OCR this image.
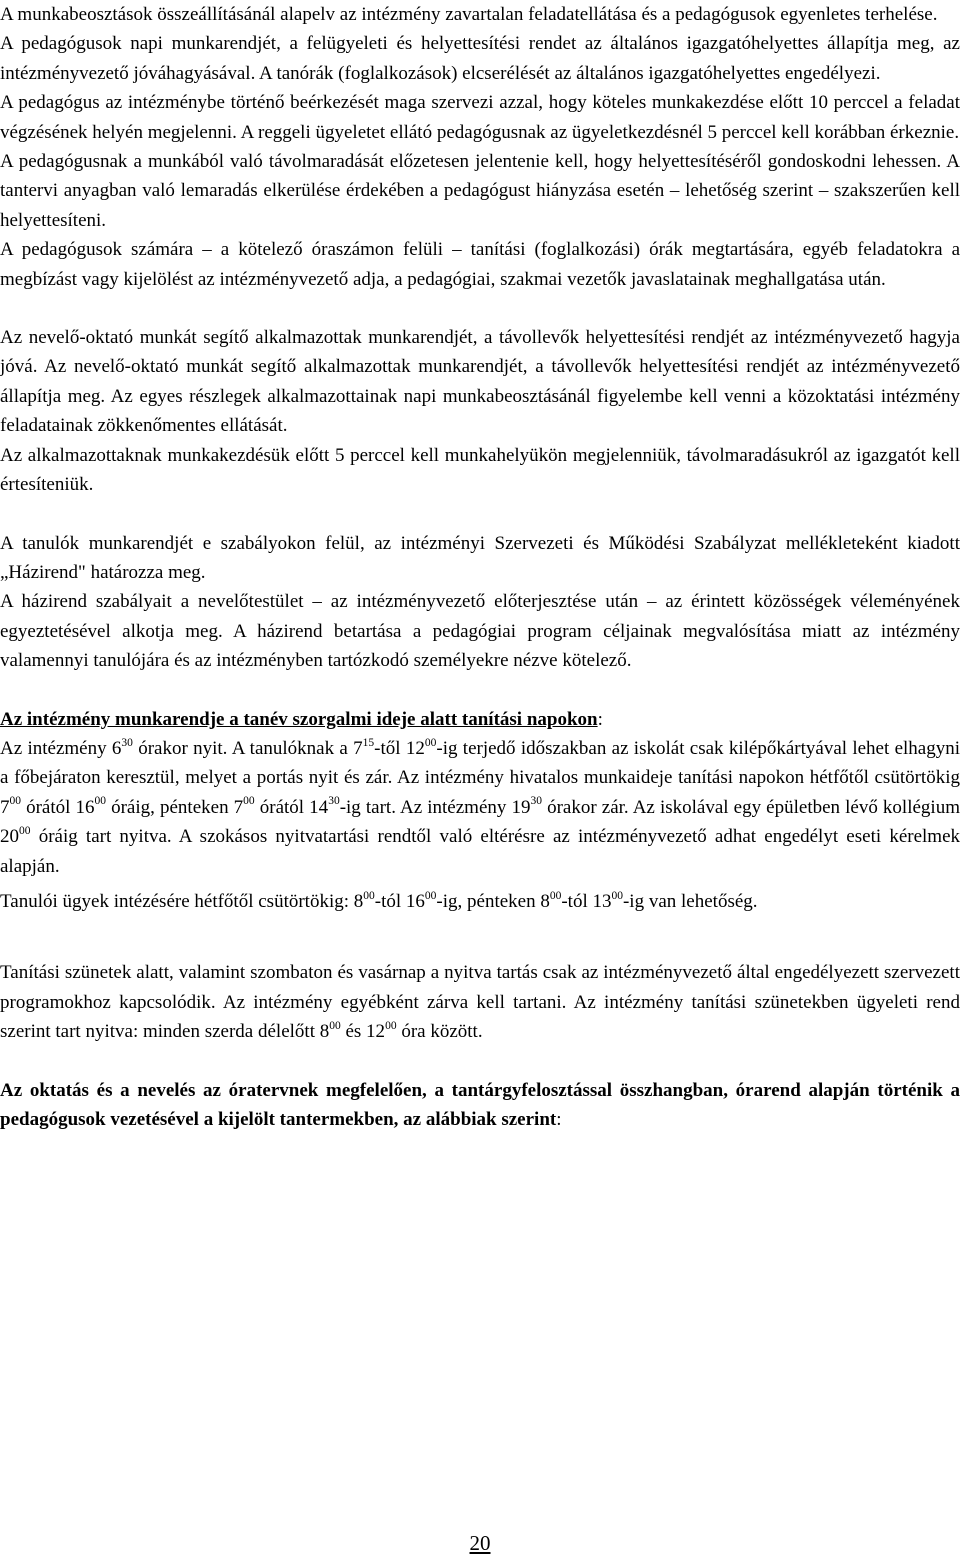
A munkabeosztások összeállításánál alapelv az intézmény zavartalan feladatellátása és a pedagógusok egyenletes terhelése.

A pedagógusok napi munkarendjét, a felügyeleti és helyettesítési rendet az általános igazgatóhelyettes állapítja meg, az intézményvezető jóváhagyásával. A tanórák (foglalkozások) elcserélését az általános igazgatóhelyettes engedélyezi.

A pedagógus az intézménybe történő beérkezését maga szervezi azzal, hogy köteles munkakezdése előtt 10 perccel a feladat végzésének helyén megjelenni. A reggeli ügyeletet ellátó pedagógusnak az ügyeletkezdésnél 5 perccel kell korábban érkeznie.

A pedagógusnak a munkából való távolmaradását előzetesen jelentenie kell, hogy helyettesítéséről gondoskodni lehessen. A tantervi anyagban való lemaradás elkerülése érdekében a pedagógust hiányzása esetén – lehetőség szerint – szakszerűen kell helyettesíteni.

A pedagógusok számára – a kötelező óraszámon felüli – tanítási (foglalkozási) órák megtartására, egyéb feladatokra a megbízást vagy kijelölést az intézményvezető adja, a pedagógiai, szakmai vezetők javaslatainak meghallgatása után.

Az nevelő-oktató munkát segítő alkalmazottak munkarendjét, a távollevők helyettesítési rendjét az intézményvezető hagyja jóvá. Az nevelő-oktató munkát segítő alkalmazottak munkarendjét, a távollevők helyettesítési rendjét az intézményvezető állapítja meg. Az egyes részlegek alkalmazottainak napi munkabeosztásánál figyelembe kell venni a közoktatási intézmény feladatainak zökkenőmentes ellátását.

Az alkalmazottaknak munkakezdésük előtt 5 perccel kell munkahelyükön megjelenniük, távolmaradásukról az igazgatót kell értesíteniük.

A tanulók munkarendjét e szabályokon felül, az intézményi Szervezeti és Működési Szabályzat mellékleteként kiadott „Házirend" határozza meg.

A házirend szabályait a nevelőtestület – az intézményvezető előterjesztése után – az érintett közösségek véleményének egyeztetésével alkotja meg. A házirend betartása a pedagógiai program céljainak megvalósítása miatt az intézmény valamennyi tanulójára és az intézményben tartózkodó személyekre nézve kötelező.

Az intézmény munkarendje a tanév szorgalmi ideje alatt tanítási napokon:

Az intézmény $6^{30}$ órakor nyit. A tanulóknak a $7^{15}$-től $12^{00}-ig$ terjedő időszakban az iskolát csak kilépőkártyával lehet elhagyni a főbejáraton keresztül, melyet a portás nyit és zár. Az intézmény hivatalos munkaideje tanítási napokon hétfőtől csütörtökig $7^{00}$ órától $16^{00}$ óráig, pénteken $7^{00}$ órától $14^{30}-ig$ tart. Az intézmény $19^{30}$ órakor zár. Az iskolával egy épületben lévő kollégium $20^{00}$ óráig tart nyitva. A szokásos nyitvatartási rendtől való eltérésre az intézményvezető adhat engedélyt eseti kérelmek alapján.

Tanulói ügyek intézésére hétfőtől csütörtökig: $8^{00}$-tól $16^{00}-ig$, pénteken $8^{00}$-tól $13^{00}-ig$ van lehetőség.

Tanítási szünetek alatt, valamint szombaton és vasárnap a nyitva tartás csak az intézményvezető által engedélyezett szervezett programokhoz kapcsolódik. Az intézmény egyébként zárva kell tartani. Az intézmény tanítási szünetekben ügyeleti rend szerint tart nyitva: minden szerda délelőtt $8^{00}$ és $12^{00}$ óra között.

Az oktatás és a nevelés az óratervnek megfelelően, a tantárgyfelosztással összhangban, órarend alapján történik a pedagógusok vezetésével a kijelölt tantermekben, az alábbiak szerint:

20
